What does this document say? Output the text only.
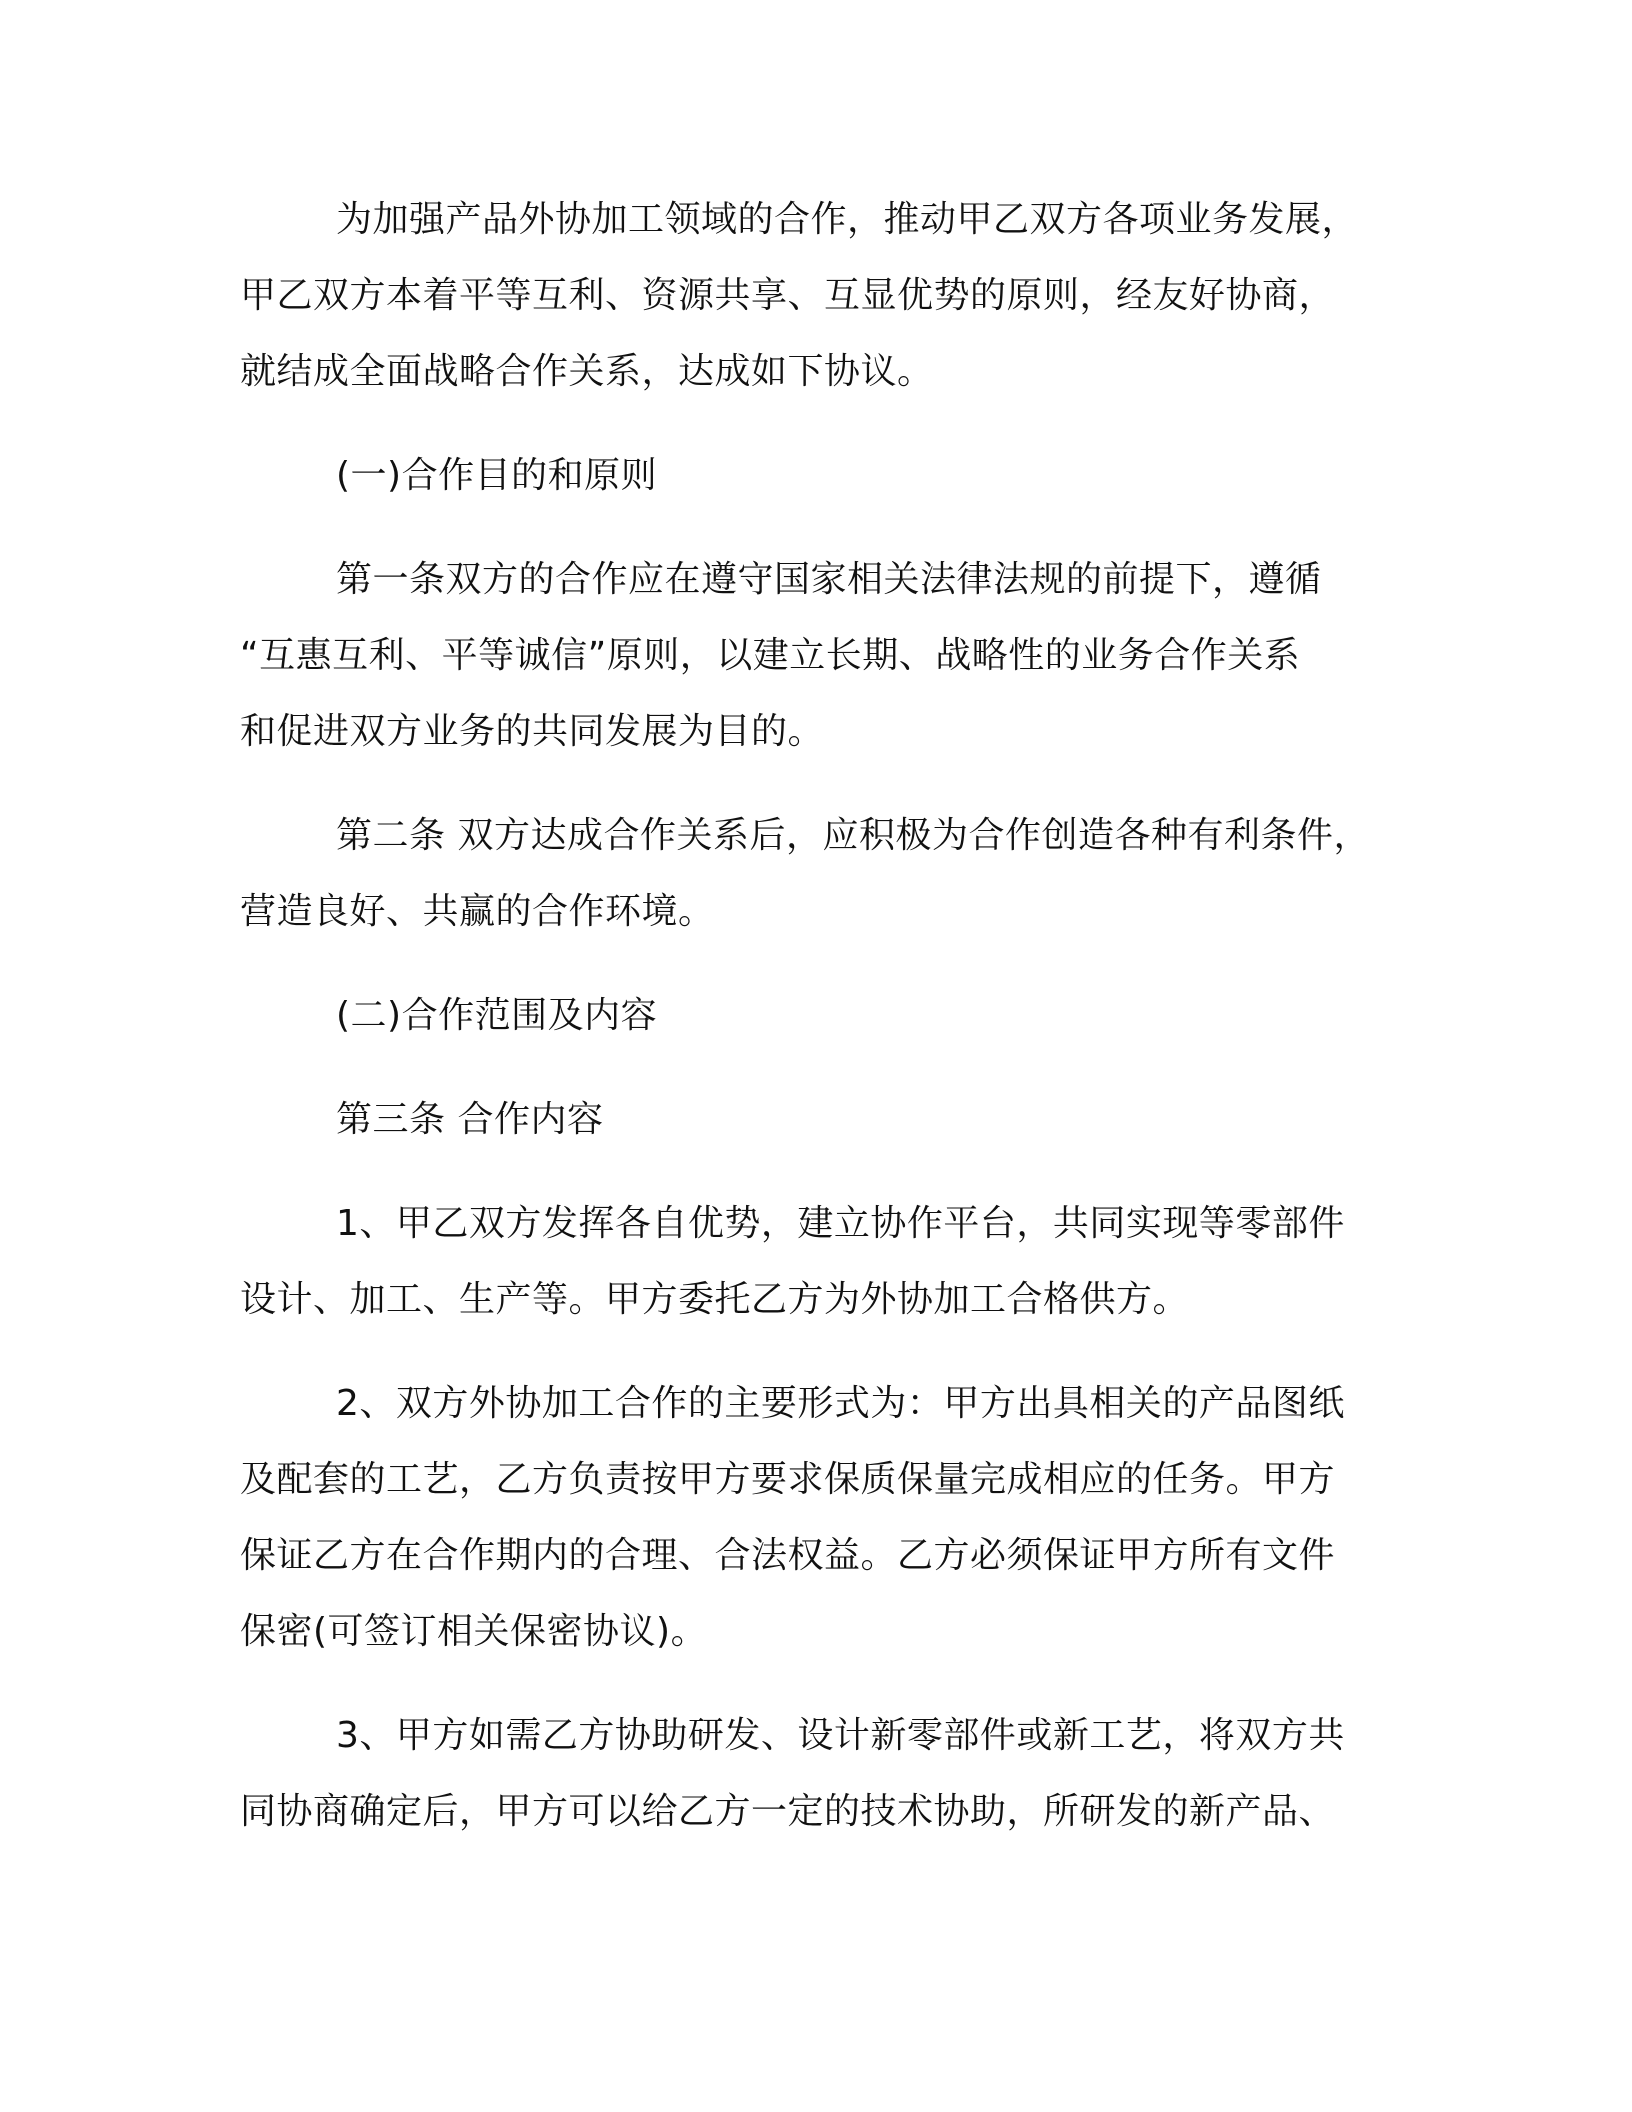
为加强产品外协加工领域的合作，推动甲乙双方各项业务发展，
甲乙双方本着平等互利、资源共享、互显优势的原则，经友好协商，
就结成全面战略合作关系，达成如下协议。

(一)合作目的和原则

第一条双方的合作应在遵守国家相关法律法规的前提下，遵循
“互惠互利、平等诚信”原则，以建立长期、战略性的业务合作关系
和促进双方业务的共同发展为目的。

第二条 双方达成合作关系后，应积极为合作创造各种有利条件，
营造良好、共赢的合作环境。

(二)合作范围及内容

第三条 合作内容

1、甲乙双方发挥各自优势，建立协作平台，共同实现等零部件
设计、加工、生产等。甲方委托乙方为外协加工合格供方。

2、双方外协加工合作的主要形式为：甲方出具相关的产品图纸
及配套的工艺，乙方负责按甲方要求保质保量完成相应的任务。甲方
保证乙方在合作期内的合理、合法权益。乙方必须保证甲方所有文件
保密(可签订相关保密协议)。

3、甲方如需乙方协助研发、设计新零部件或新工艺，将双方共
同协商确定后，甲方可以给乙方一定的技术协助，所研发的新产品、
